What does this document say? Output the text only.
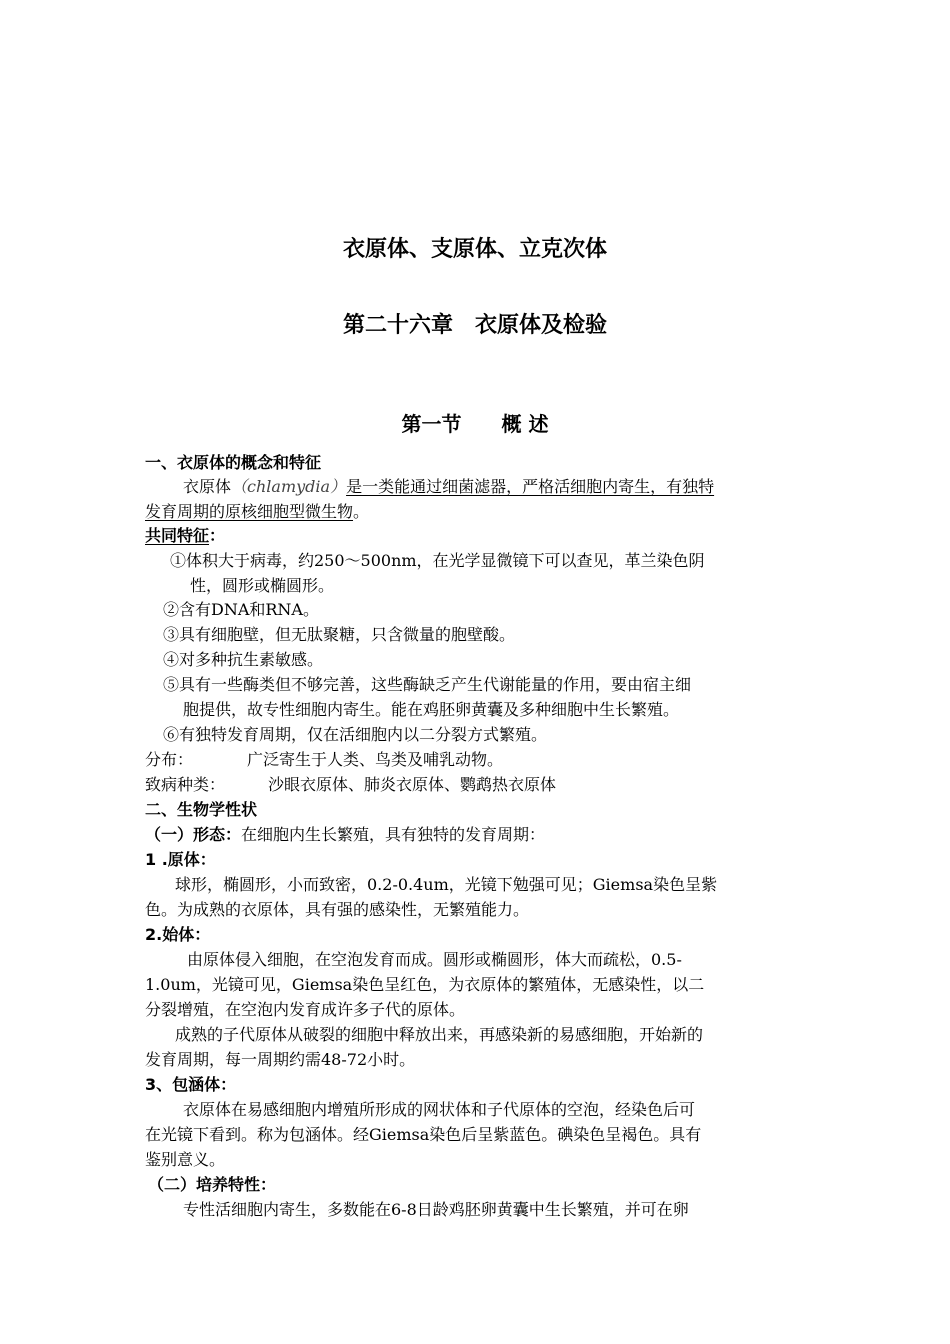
衣原体、支原体、立克次体
第二十六章　衣原体及检验
第一节　　概 述
一、衣原体的概念和特征
衣原体（chlamydia）是一类能通过细菌滤器，严格活细胞内寄生，有独特
发育周期的原核细胞型微生物。
共同特征：
①体积大于病毒，约250～500nm，在光学显微镜下可以查见，革兰染色阴
性，圆形或椭圆形。
②含有DNA和RNA。
③具有细胞壁，但无肽聚糖，只含微量的胞壁酸。
④对多种抗生素敏感。
⑤具有一些酶类但不够完善，这些酶缺乏产生代谢能量的作用，要由宿主细
胞提供，故专性细胞内寄生。能在鸡胚卵黄囊及多种细胞中生长繁殖。
⑥有独特发育周期，仅在活细胞内以二分裂方式繁殖。
分布：	广泛寄生于人类、鸟类及哺乳动物。
致病种类：	沙眼衣原体、肺炎衣原体、鹦鹉热衣原体
二、生物学性状
（一）形态：在细胞内生长繁殖，具有独特的发育周期：
1 .原体：
球形，椭圆形，小而致密，0.2-0.4um，光镜下勉强可见；Giemsa染色呈紫
色。为成熟的衣原体，具有强的感染性，无繁殖能力。
2.始体：
由原体侵入细胞，在空泡发育而成。圆形或椭圆形，体大而疏松，0.5-
1.0um，光镜可见，Giemsa染色呈红色，为衣原体的繁殖体，无感染性，以二
分裂增殖，在空泡内发育成许多子代的原体。
成熟的子代原体从破裂的细胞中释放出来，再感染新的易感细胞，开始新的
发育周期，每一周期约需48-72小时。
3、包涵体：
衣原体在易感细胞内增殖所形成的网状体和子代原体的空泡，经染色后可
在光镜下看到。称为包涵体。经Giemsa染色后呈紫蓝色。碘染色呈褐色。具有
鉴别意义。
（二）培养特性：
专性活细胞内寄生，多数能在6-8日龄鸡胚卵黄囊中生长繁殖，并可在卵
